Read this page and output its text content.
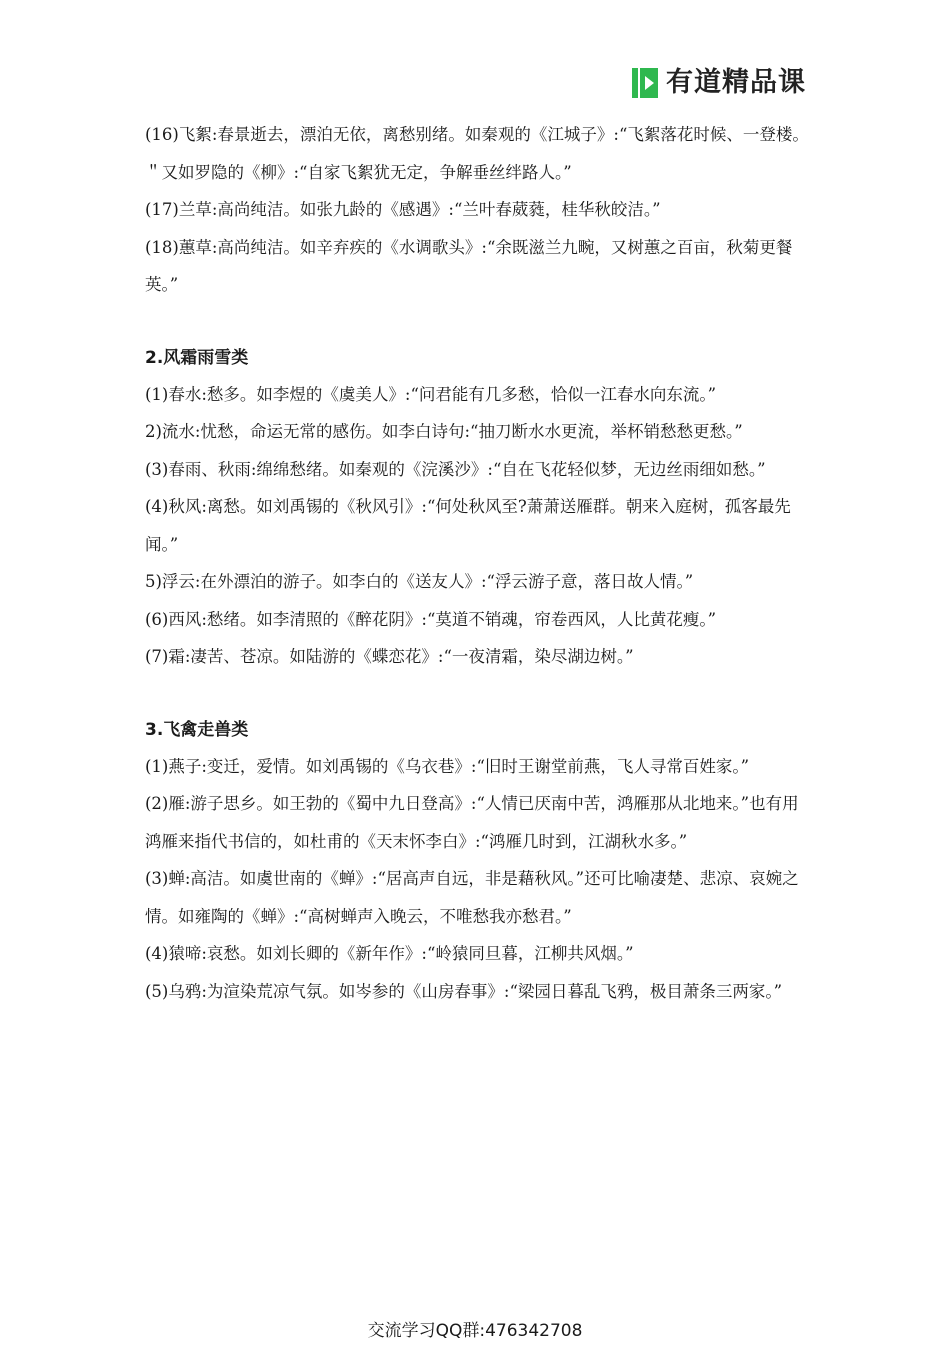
有道精品课

(16)飞絮:春景逝去，漂泊无依，离愁别绪。如秦观的《江城子》:“飞絮落花时候、一登楼。＂又如罗隐的《柳》:“自家飞絮犹无定，争解垂丝绊路人。”

(17)兰草:高尚纯洁。如张九龄的《感遇》:“兰叶春葳蕤，桂华秋皎洁。”

(18)蕙草:高尚纯洁。如辛弃疾的《水调歌头》:“余既滋兰九畹，又树蕙之百亩，秋菊更餐英。”

2.风霜雨雪类

(1)春水:愁多。如李煜的《虞美人》:“问君能有几多愁，恰似一江春水向东流。”

2)流水:忧愁，命运无常的感伤。如李白诗句:“抽刀断水水更流，举杯销愁愁更愁。”

(3)春雨、秋雨:绵绵愁绪。如秦观的《浣溪沙》:“自在飞花轻似梦，无边丝雨细如愁。”

(4)秋风:离愁。如刘禹锡的《秋风引》:“何处秋风至?萧萧送雁群。朝来入庭树，孤客最先闻。”

5)浮云:在外漂泊的游子。如李白的《送友人》:“浮云游子意，落日故人情。”

(6)西风:愁绪。如李清照的《醉花阴》:“莫道不销魂，帘卷西风，人比黄花瘦。”

(7)霜:凄苦、苍凉。如陆游的《蝶恋花》:“一夜清霜，染尽湖边树。”

3.飞禽走兽类

(1)燕子:变迁，爱情。如刘禹锡的《乌衣巷》:“旧时王谢堂前燕，飞人寻常百姓家。”

(2)雁:游子思乡。如王勃的《蜀中九日登高》:“人情已厌南中苦，鸿雁那从北地来。”也有用鸿雁来指代书信的，如杜甫的《天末怀李白》:“鸿雁几时到，江湖秋水多。”

(3)蝉:高洁。如虞世南的《蝉》:“居高声自远，非是藉秋风。”还可比喻凄楚、悲凉、哀婉之情。如雍陶的《蝉》:“高树蝉声入晚云，不唯愁我亦愁君。”

(4)猿啼:哀愁。如刘长卿的《新年作》:“岭猿同旦暮，江柳共风烟。”

(5)乌鸦:为渲染荒凉气氛。如岑参的《山房春事》:“梁园日暮乱飞鸦，极目萧条三两家。”

交流学习QQ群:476342708
